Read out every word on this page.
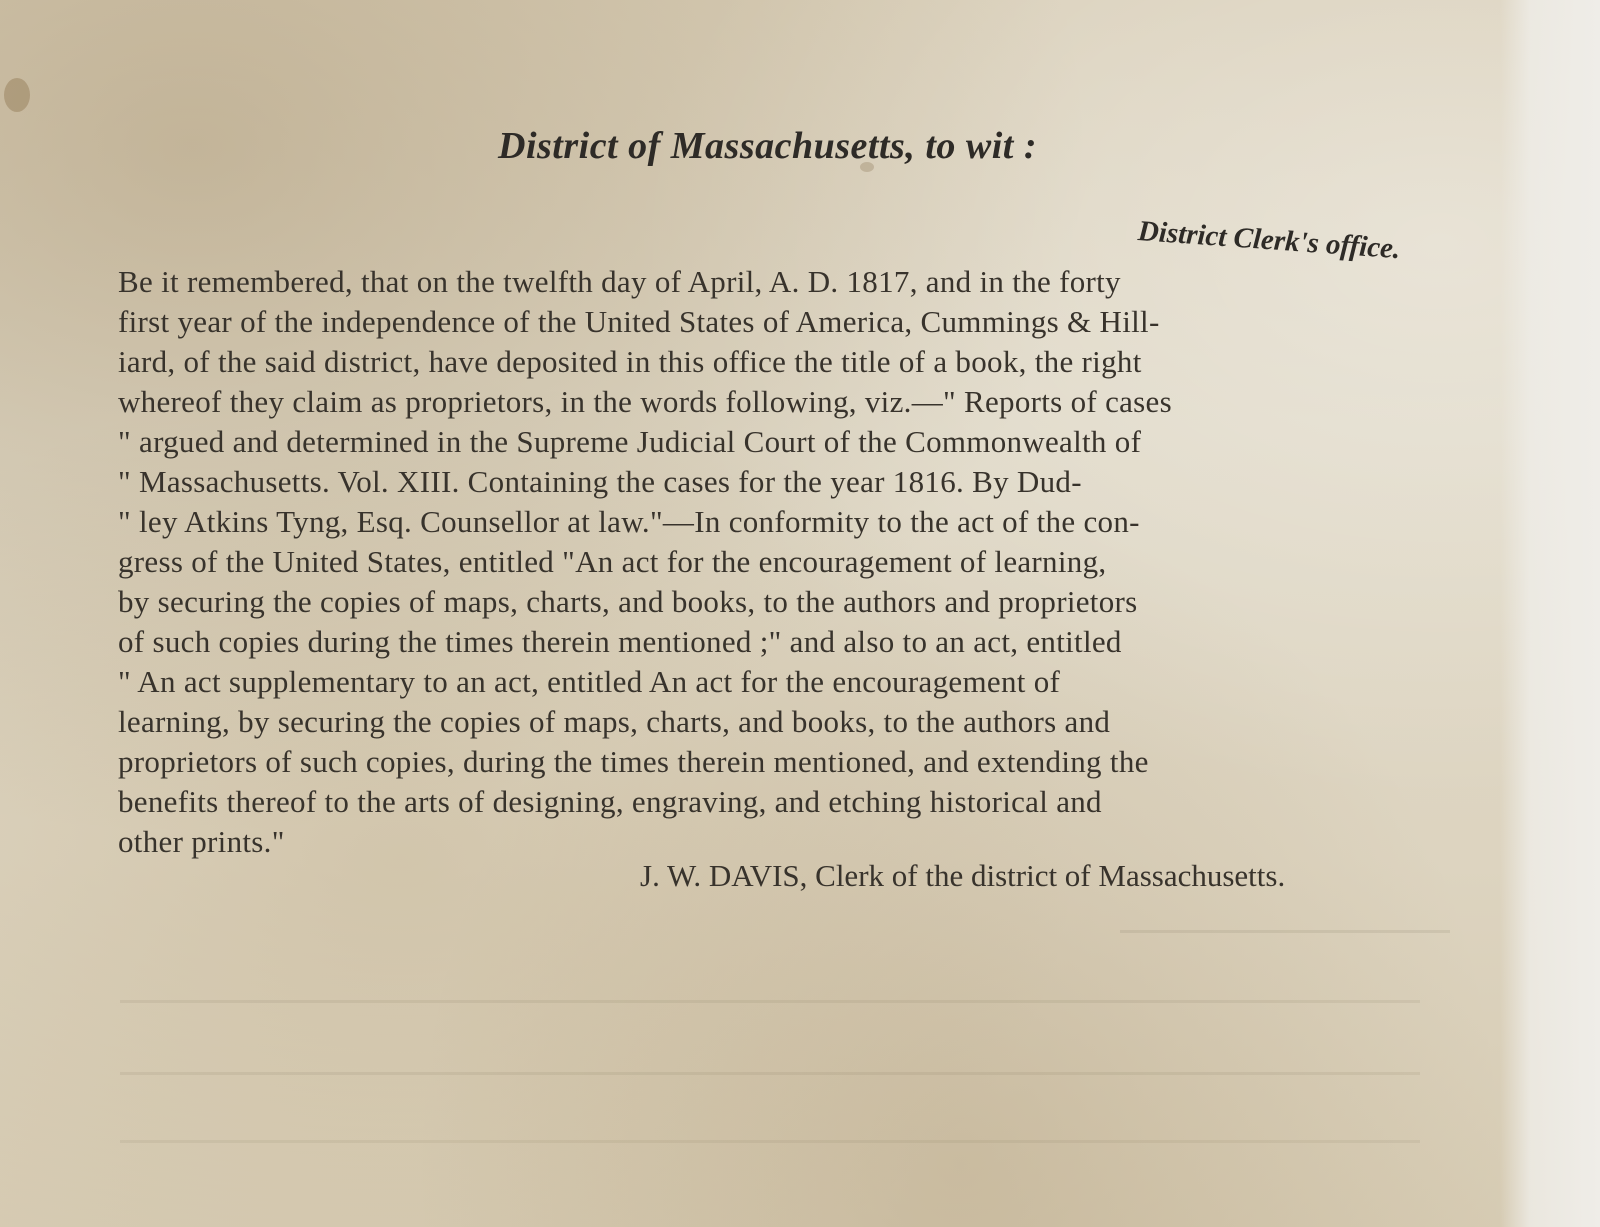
District of Massachusetts, to wit :
District Clerk's office.
Be it remembered, that on the twelfth day of April, A. D. 1817, and in the forty
first year of the independence of the United States of America, Cummings & Hill-
iard, of the said district, have deposited in this office the title of a book, the right
whereof they claim as proprietors, in the words following, viz.—" Reports of cases
" argued and determined in the Supreme Judicial Court of the Commonwealth of
" Massachusetts. Vol. XIII. Containing the cases for the year 1816. By Dud-
" ley Atkins Tyng, Esq. Counsellor at law."—In conformity to the act of the con-
gress of the United States, entitled "An act for the encouragement of learning,
by securing the copies of maps, charts, and books, to the authors and proprietors
of such copies during the times therein mentioned ;" and also to an act, entitled
" An act supplementary to an act, entitled An act for the encouragement of
learning, by securing the copies of maps, charts, and books, to the authors and
proprietors of such copies, during the times therein mentioned, and extending the
benefits thereof to the arts of designing, engraving, and etching historical and
other prints."
J. W. DAVIS, Clerk of the district of Massachusetts.
